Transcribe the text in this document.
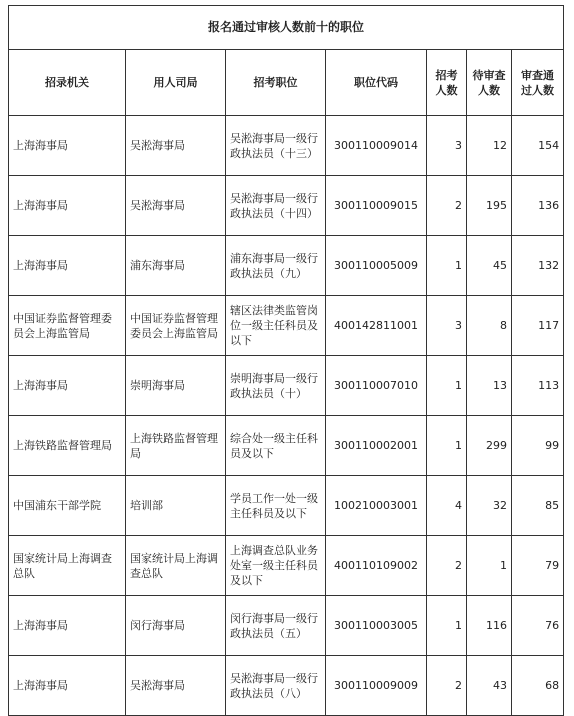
报名通过审核人数前十的职位						
招录机关	用人司局	招考职位	职位代码	招考人数	待审查人数	审查通过人数
上海海事局	吴淞海事局	吴淞海事局一级行政执法员（十三）	300110009014	3	12	154
上海海事局	吴淞海事局	吴淞海事局一级行政执法员（十四）	300110009015	2	195	136
上海海事局	浦东海事局	浦东海事局一级行政执法员（九）	300110005009	1	45	132
中国证券监督管理委员会上海监管局	中国证券监督管理委员会上海监管局	辖区法律类监管岗位一级主任科员及以下	400142811001	3	8	117
上海海事局	崇明海事局	崇明海事局一级行政执法员（十）	300110007010	1	13	113
上海铁路监督管理局	上海铁路监督管理局	综合处一级主任科员及以下	300110002001	1	299	99
中国浦东干部学院	培训部	学员工作一处一级主任科员及以下	100210003001	4	32	85
国家统计局上海调查总队	国家统计局上海调查总队	上海调查总队业务处室一级主任科员及以下	400110109002	2	1	79
上海海事局	闵行海事局	闵行海事局一级行政执法员（五）	300110003005	1	116	76
上海海事局	吴淞海事局	吴淞海事局一级行政执法员（八）	300110009009	2	43	68
